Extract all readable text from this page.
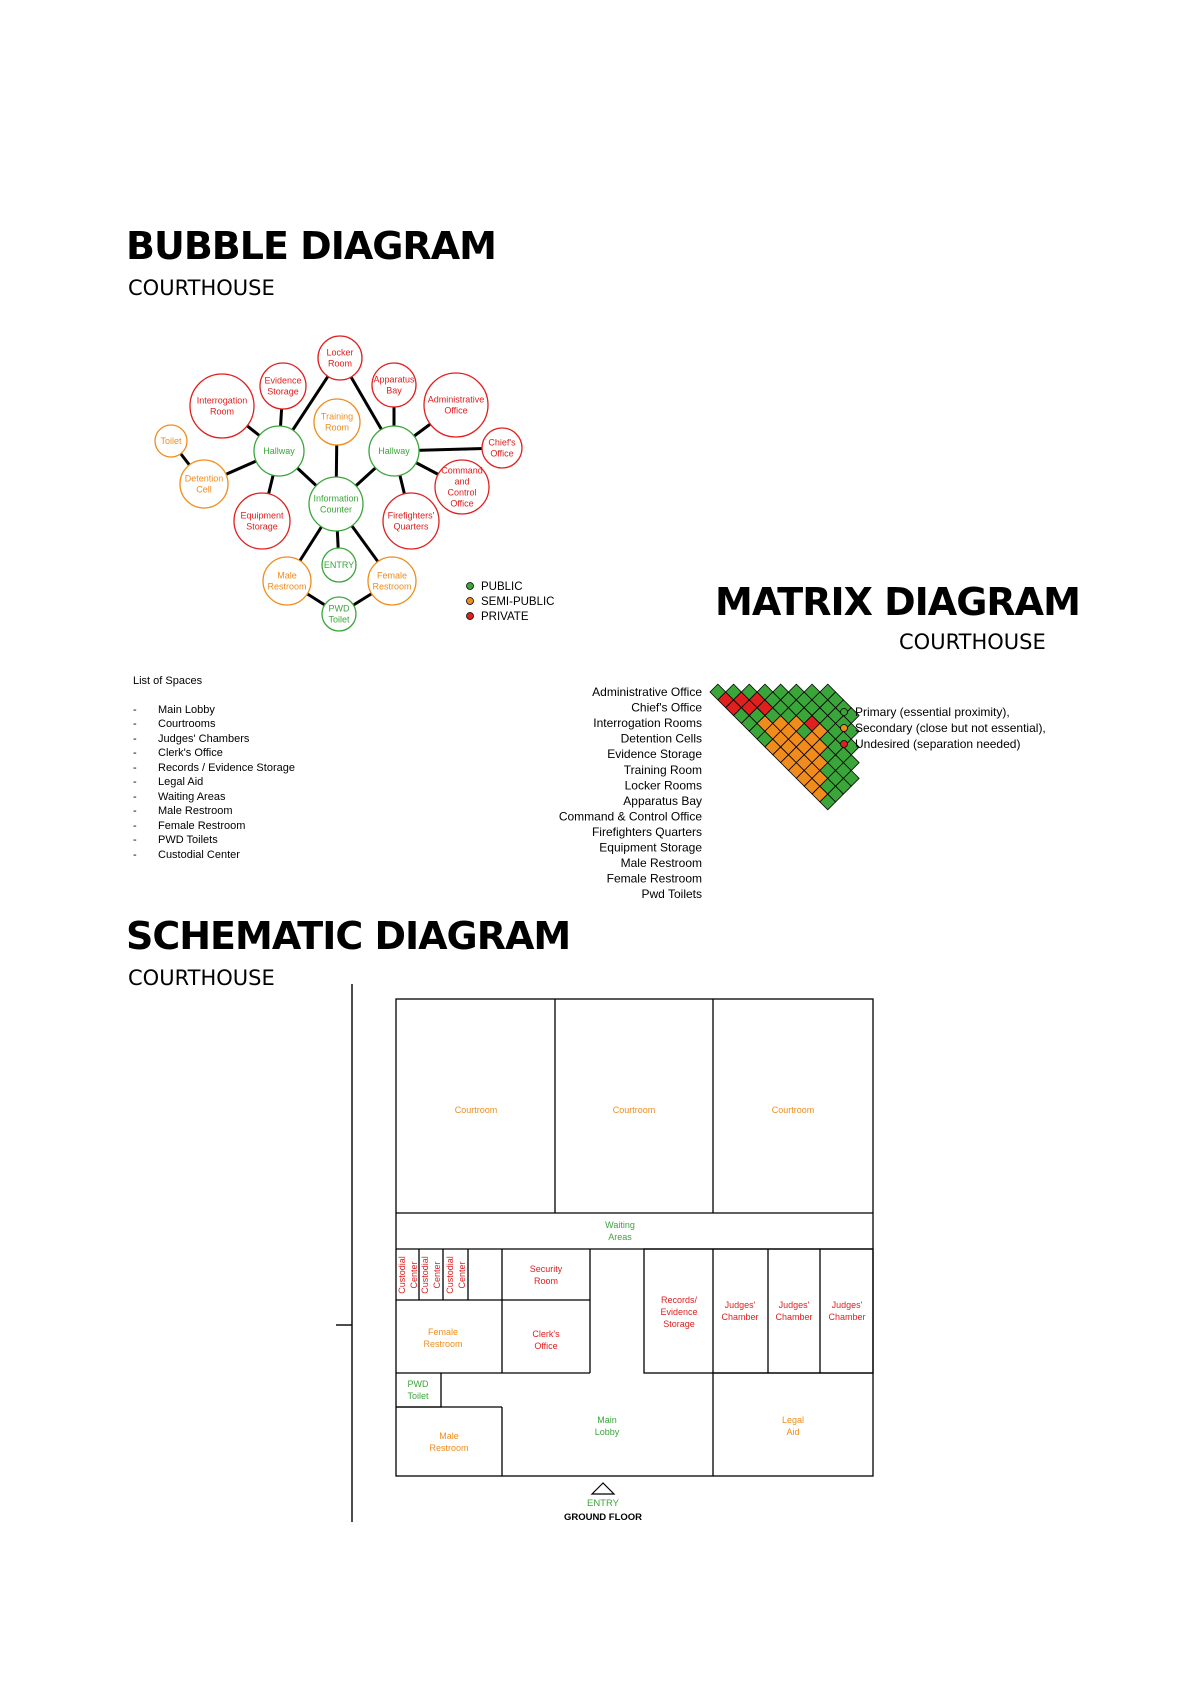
BUBBLE DIAGRAM
COURTHOUSE
MATRIX DIAGRAM
COURTHOUSE
SCHEMATIC DIAGRAM
COURTHOUSE
Locker Room
Evidence Storage
Apparatus Bay
Interrogation Room
Administrative Office
Training Room
Toilet
Hallway	Hallway
Chief's Office
Detention Cell
Command and Control Office
Information Counter
Equipment Storage
Firefighters' Quarters
ENTRY
Male Restroom
Female Restroom
PWD Toilet
PUBLIC
SEMI-PUBLIC
PRIVATE
List of Spaces
- Main Lobby
- Courtrooms
- Judges' Chambers
- Clerk's Office
- Records / Evidence Storage
- Legal Aid
- Waiting Areas
- Male Restroom
- Female Restroom
- PWD Toilets
- Custodial Center
Administrative Office
Chief's Office
Interrogation Rooms
Detention Cells
Evidence Storage
Training Room
Locker Rooms
Apparatus Bay
Command & Control Office
Firefighters Quarters
Equipment Storage
Male Restroom
Female Restroom
Pwd Toilets
Primary (essential proximity),
Secondary (close but not essential),
Undesired (separation needed)
Courtroom	Courtroom	Courtroom
Waiting Areas
Custodial Center Custodial Center Custodial Center	Security Room
Records/ Evidence Storage
Judges' Chamber
Judges' Chamber
Judges' Chamber
Female Restroom
Clerk's Office
PWD Toilet
Male Restroom
Main Lobby
Legal Aid
ENTRY
GROUND FLOOR
